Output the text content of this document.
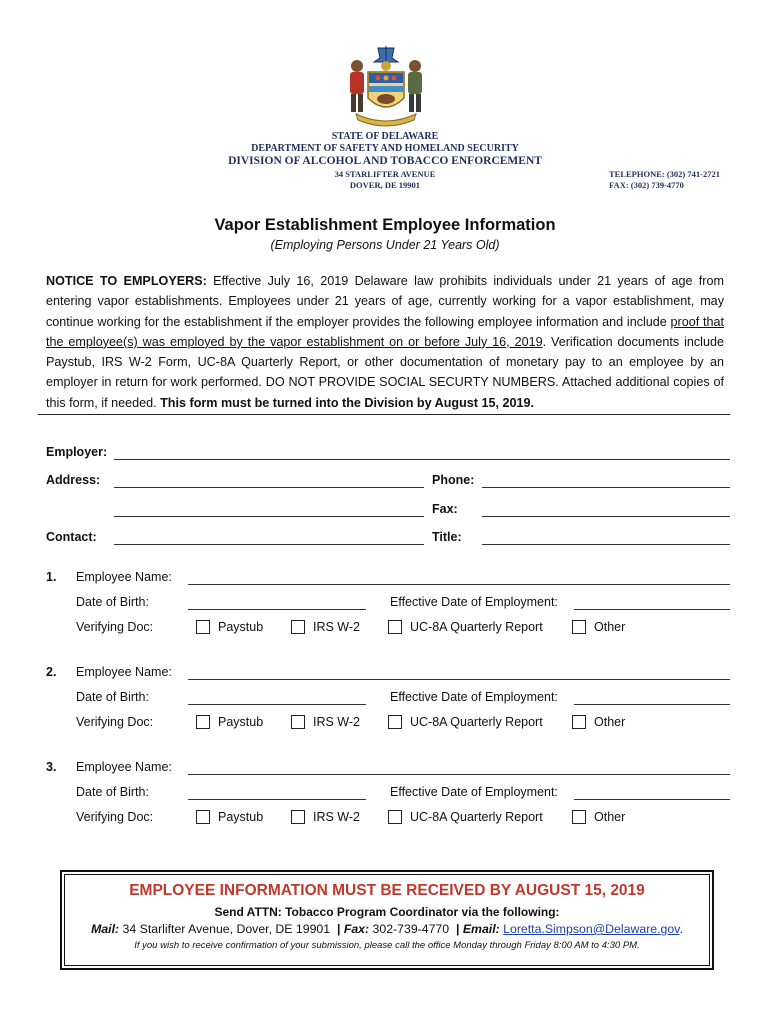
STATE OF DELAWARE
DEPARTMENT OF SAFETY AND HOMELAND SECURITY
DIVISION OF ALCOHOL AND TOBACCO ENFORCEMENT
34 STARLIFTER AVENUE
DOVER, DE 19901
TELEPHONE: (302) 741-2721
FAX: (302) 739-4770
Vapor Establishment Employee Information
(Employing Persons Under 21 Years Old)
NOTICE TO EMPLOYERS: Effective July 16, 2019 Delaware law prohibits individuals under 21 years of age from entering vapor establishments. Employees under 21 years of age, currently working for a vapor establishment, may continue working for the establishment if the employer provides the following employee information and include proof that the employee(s) was employed by the vapor establishment on or before July 16, 2019. Verification documents include Paystub, IRS W-2 Form, UC-8A Quarterly Report, or other documentation of monetary pay to an employee by an employer in return for work performed. DO NOT PROVIDE SOCIAL SECURTY NUMBERS. Attached additional copies of this form, if needed. This form must be turned into the Division by August 15, 2019.
Employer:
Address:	Phone:
Fax:
Contact:	Title:
1. Employee Name:
Date of Birth:	Effective Date of Employment:
Verifying Doc:	Paystub	IRS W-2	UC-8A Quarterly Report	Other
2. Employee Name:
Date of Birth:	Effective Date of Employment:
Verifying Doc:	Paystub	IRS W-2	UC-8A Quarterly Report	Other
3. Employee Name:
Date of Birth:	Effective Date of Employment:
Verifying Doc:	Paystub	IRS W-2	UC-8A Quarterly Report	Other
EMPLOYEE INFORMATION MUST BE RECEIVED BY AUGUST 15, 2019
Send ATTN: Tobacco Program Coordinator via the following:
Mail: 34 Starlifter Avenue, Dover, DE 19901  | Fax: 302-739-4770  | Email: Loretta.Simpson@Delaware.gov.
If you wish to receive confirmation of your submission, please call the office Monday through Friday 8:00 AM to 4:30 PM.
